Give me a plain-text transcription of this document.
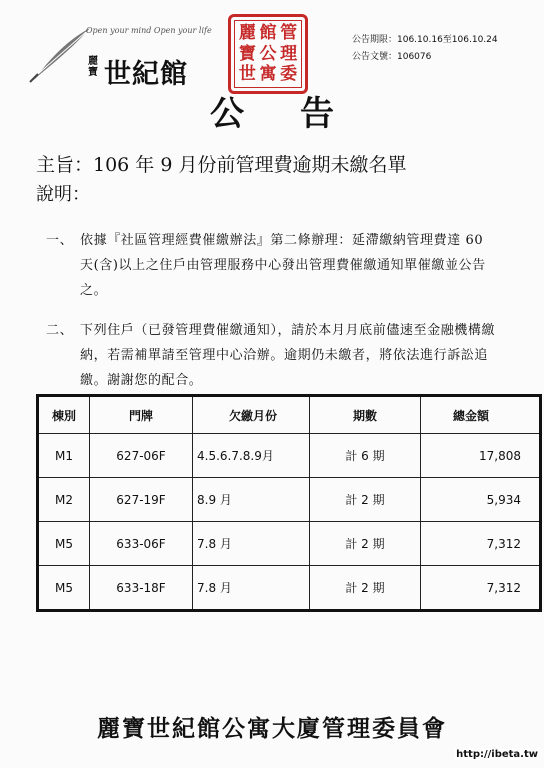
Open your mind Open your life
麗寶 世紀館
麗 館 管
寶 公 理
世 寓 委
公告期限：106.10.16至106.10.24
公告文號：106076
公告
主旨：106 年 9 月份前管理費逾期未繳名單
說明：
一、 依據『社區管理經費催繳辦法』第二條辦理：延滯繳納管理費達 60 天(含)以上之住戶由管理服務中心發出管理費催繳通知單催繳並公告之。
二、 下列住戶（已發管理費催繳通知），請於本月月底前儘速至金融機構繳納，若需補單請至管理中心洽辦。逾期仍未繳者，將依法進行訴訟追繳。謝謝您的配合。
棟別	門牌	欠繳月份	期數	總金額
M1	627-06F	4.5.6.7.8.9月	計 6 期	17,808
M2	627-19F	8.9 月	計 2 期	5,934
M5	633-06F	7.8 月	計 2 期	7,312
M5	633-18F	7.8 月	計 2 期	7,312
麗寶世紀館公寓大廈管理委員會
http://ibeta.tw
